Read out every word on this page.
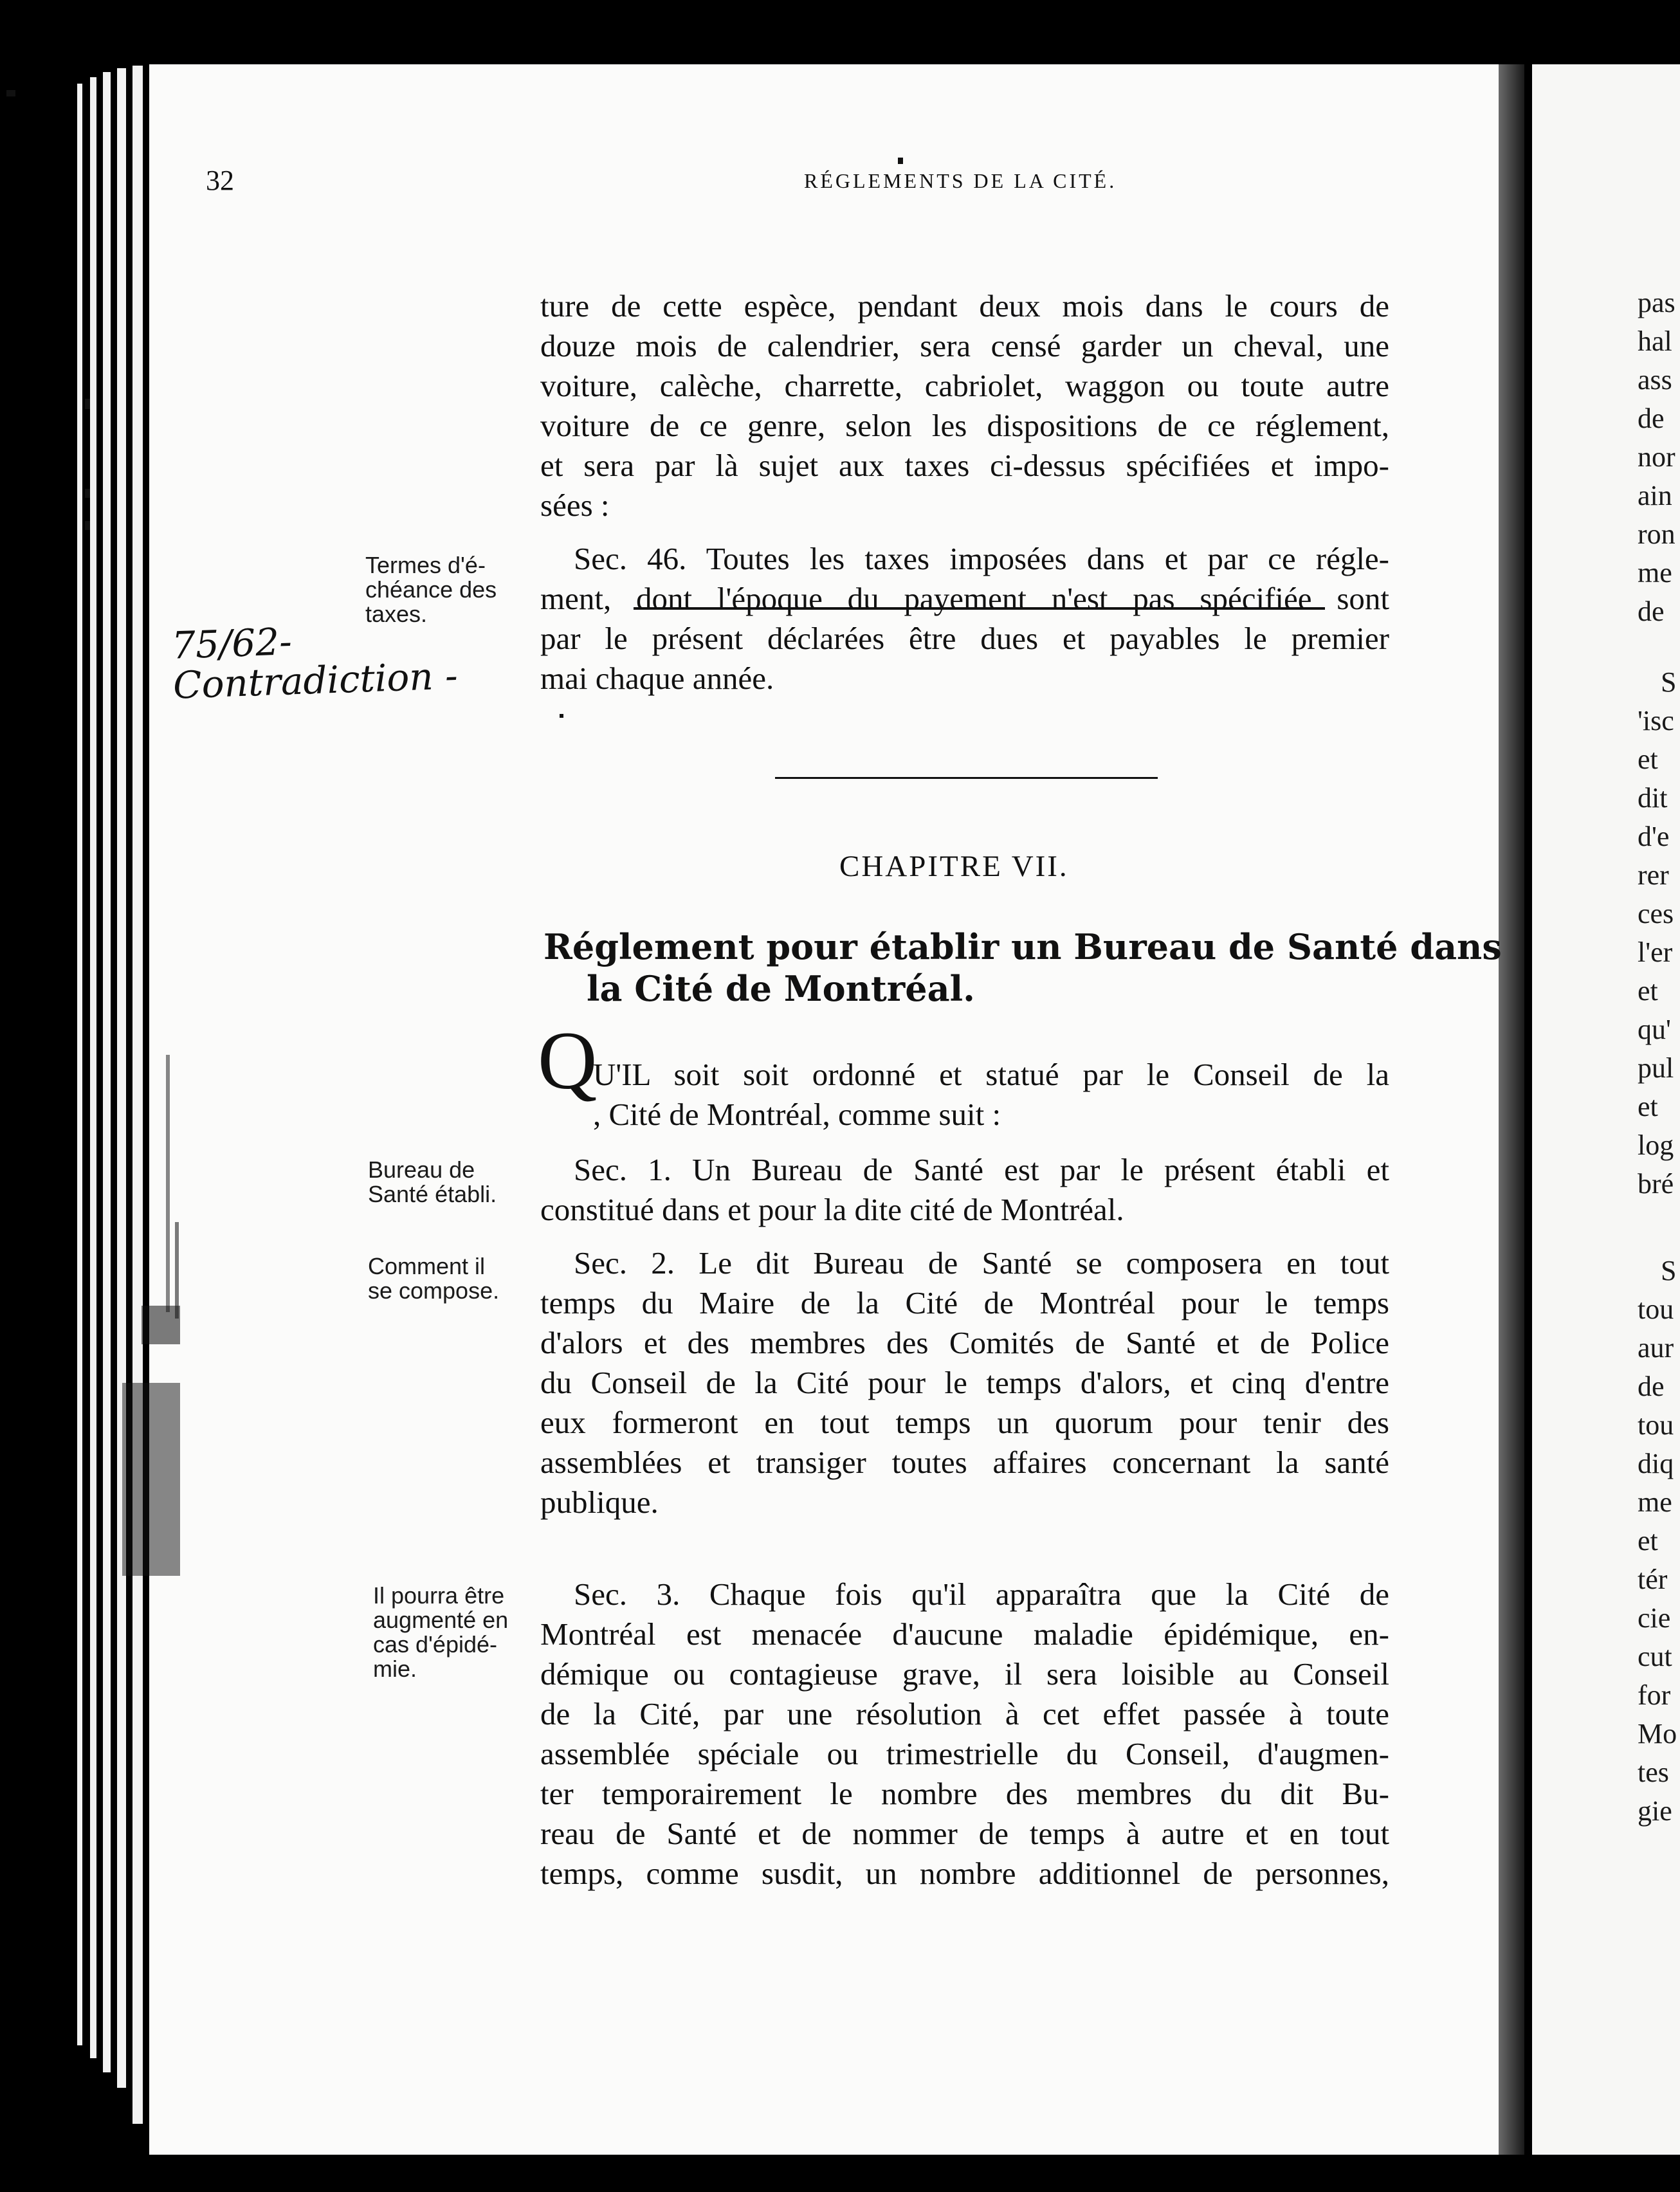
pas
hal
ass
de
nor
ain
ron
me
de
S
'isc
et
dit
d'e
rer
ces
l'er
et
qu'
pul
et
log
bré
S
tou
aur
de
tou
diq
me
et
tér
cie
cut
for
Mo
tes
gie
32	RÉGLEMENTS DE LA CITÉ.
ture de cette espèce, pendant deux mois dans le cours de
douze mois de calendrier, sera censé garder un cheval, une
voiture, calèche, charrette, cabriolet, waggon ou toute autre
voiture de ce genre, selon les dispositions de ce réglement,
et sera par là sujet aux taxes ci-dessus spécifiées et impo-
sées :
Sec. 46. Toutes les taxes imposées dans et par ce régle-
ment, dont l'époque du payement n'est pas spécifiée sont
par le présent déclarées être dues et payables le premier
mai chaque année.
Termes d'é-
chéance des
taxes.
75/62-
Contradiction -
CHAPITRE VII.
Réglement pour établir un Bureau de Santé dans
la Cité de Montréal.
Q
U'IL soit soit ordonné et statué par le Conseil de la
, Cité de Montréal, comme suit :
Sec. 1. Un Bureau de Santé est par le présent établi et
constitué dans et pour la dite cité de Montréal.
Bureau de
Santé établi.
Sec. 2. Le dit Bureau de Santé se composera en tout
temps du Maire de la Cité de Montréal pour le temps
d'alors et des membres des Comités de Santé et de Police
du Conseil de la Cité pour le temps d'alors, et cinq d'entre
eux formeront en tout temps un quorum pour tenir des
assemblées et transiger toutes affaires concernant la santé
publique.
Comment il
se compose.
Sec. 3. Chaque fois qu'il apparaîtra que la Cité de
Montréal est menacée d'aucune maladie épidémique, en-
démique ou contagieuse grave, il sera loisible au Conseil
de la Cité, par une résolution à cet effet passée à toute
assemblée spéciale ou trimestrielle du Conseil, d'augmen-
ter temporairement le nombre des membres du dit Bu-
reau de Santé et de nommer de temps à autre et en tout
temps, comme susdit, un nombre additionnel de personnes,
Il pourra être
augmenté en
cas d'épidé-
mie.
